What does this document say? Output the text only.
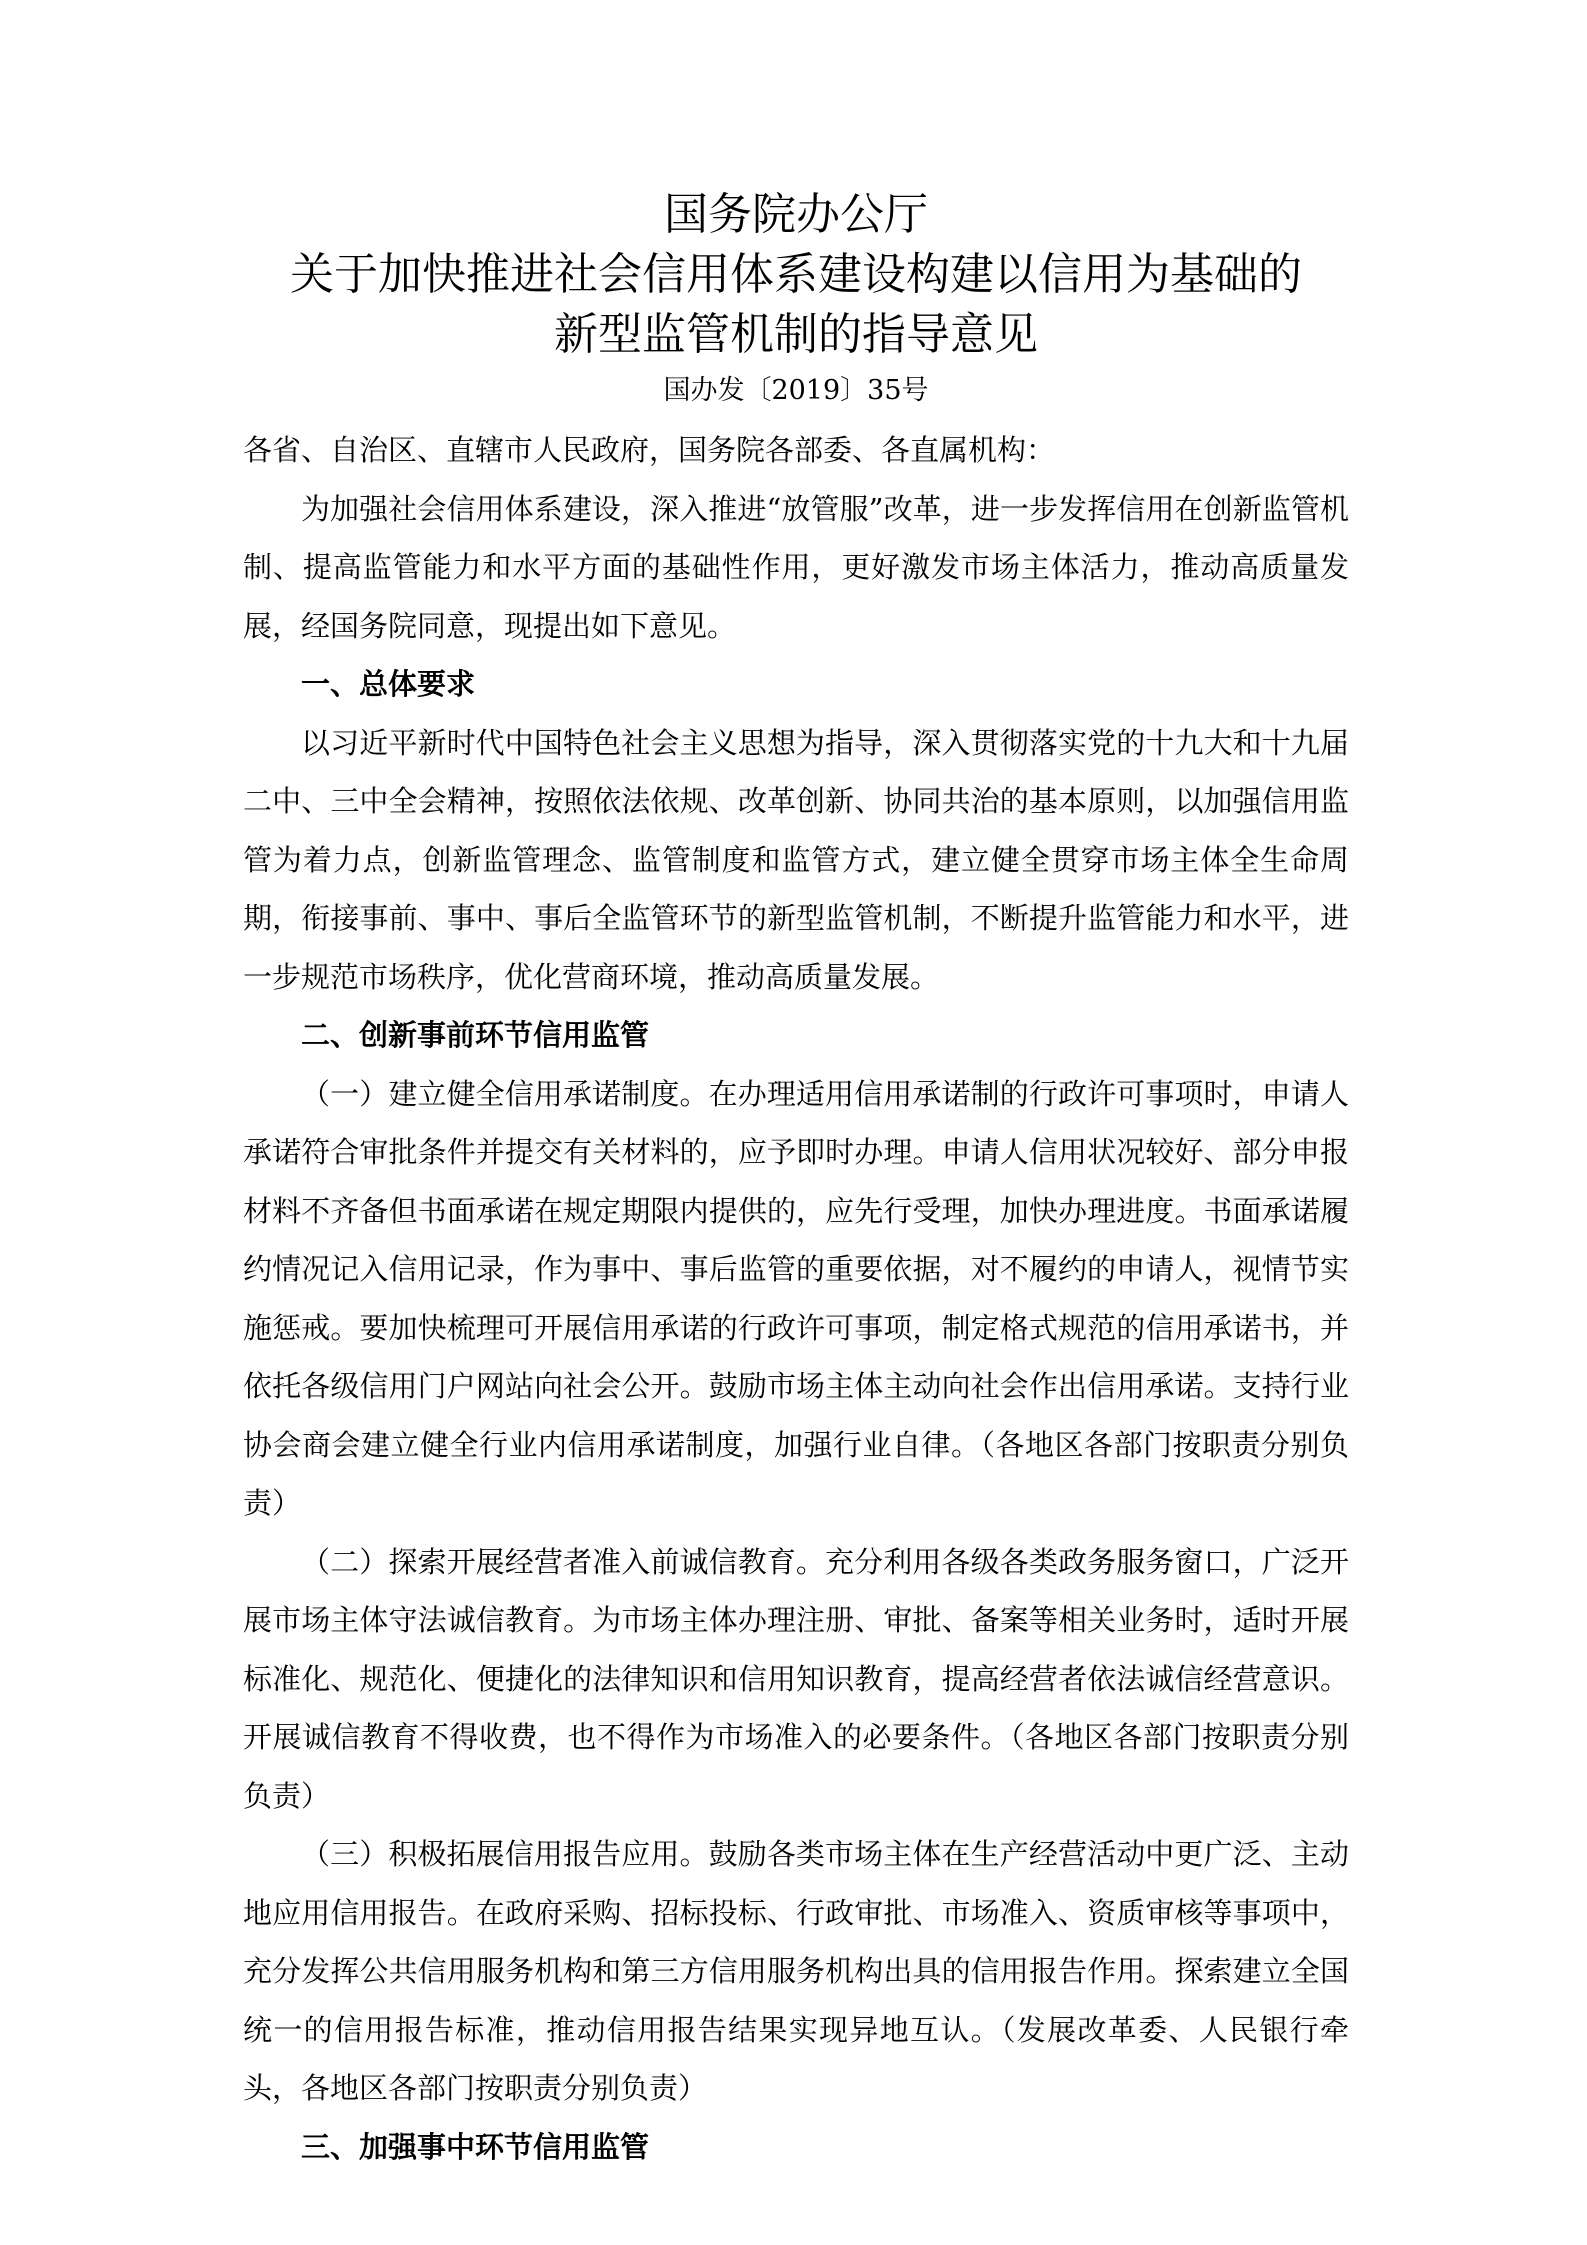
国务院办公厅
关于加快推进社会信用体系建设构建以信用为基础的
新型监管机制的指导意见
国办发〔2019〕35号

各省、自治区、直辖市人民政府，国务院各部委、各直属机构：

为加强社会信用体系建设，深入推进“放管服”改革，进一步发挥信用在创新监管机制、提高监管能力和水平方面的基础性作用，更好激发市场主体活力，推动高质量发展，经国务院同意，现提出如下意见。

一、总体要求

以习近平新时代中国特色社会主义思想为指导，深入贯彻落实党的十九大和十九届二中、三中全会精神，按照依法依规、改革创新、协同共治的基本原则，以加强信用监管为着力点，创新监管理念、监管制度和监管方式，建立健全贯穿市场主体全生命周期，衔接事前、事中、事后全监管环节的新型监管机制，不断提升监管能力和水平，进一步规范市场秩序，优化营商环境，推动高质量发展。

二、创新事前环节信用监管

（一）建立健全信用承诺制度。在办理适用信用承诺制的行政许可事项时，申请人承诺符合审批条件并提交有关材料的，应予即时办理。申请人信用状况较好、部分申报材料不齐备但书面承诺在规定期限内提供的，应先行受理，加快办理进度。书面承诺履约情况记入信用记录，作为事中、事后监管的重要依据，对不履约的申请人，视情节实施惩戒。要加快梳理可开展信用承诺的行政许可事项，制定格式规范的信用承诺书，并依托各级信用门户网站向社会公开。鼓励市场主体主动向社会作出信用承诺。支持行业协会商会建立健全行业内信用承诺制度，加强行业自律。（各地区各部门按职责分别负责）

（二）探索开展经营者准入前诚信教育。充分利用各级各类政务服务窗口，广泛开展市场主体守法诚信教育。为市场主体办理注册、审批、备案等相关业务时，适时开展标准化、规范化、便捷化的法律知识和信用知识教育，提高经营者依法诚信经营意识。开展诚信教育不得收费，也不得作为市场准入的必要条件。（各地区各部门按职责分别负责）

（三）积极拓展信用报告应用。鼓励各类市场主体在生产经营活动中更广泛、主动地应用信用报告。在政府采购、招标投标、行政审批、市场准入、资质审核等事项中，充分发挥公共信用服务机构和第三方信用服务机构出具的信用报告作用。探索建立全国统一的信用报告标准，推动信用报告结果实现异地互认。（发展改革委、人民银行牵头，各地区各部门按职责分别负责）

三、加强事中环节信用监管
